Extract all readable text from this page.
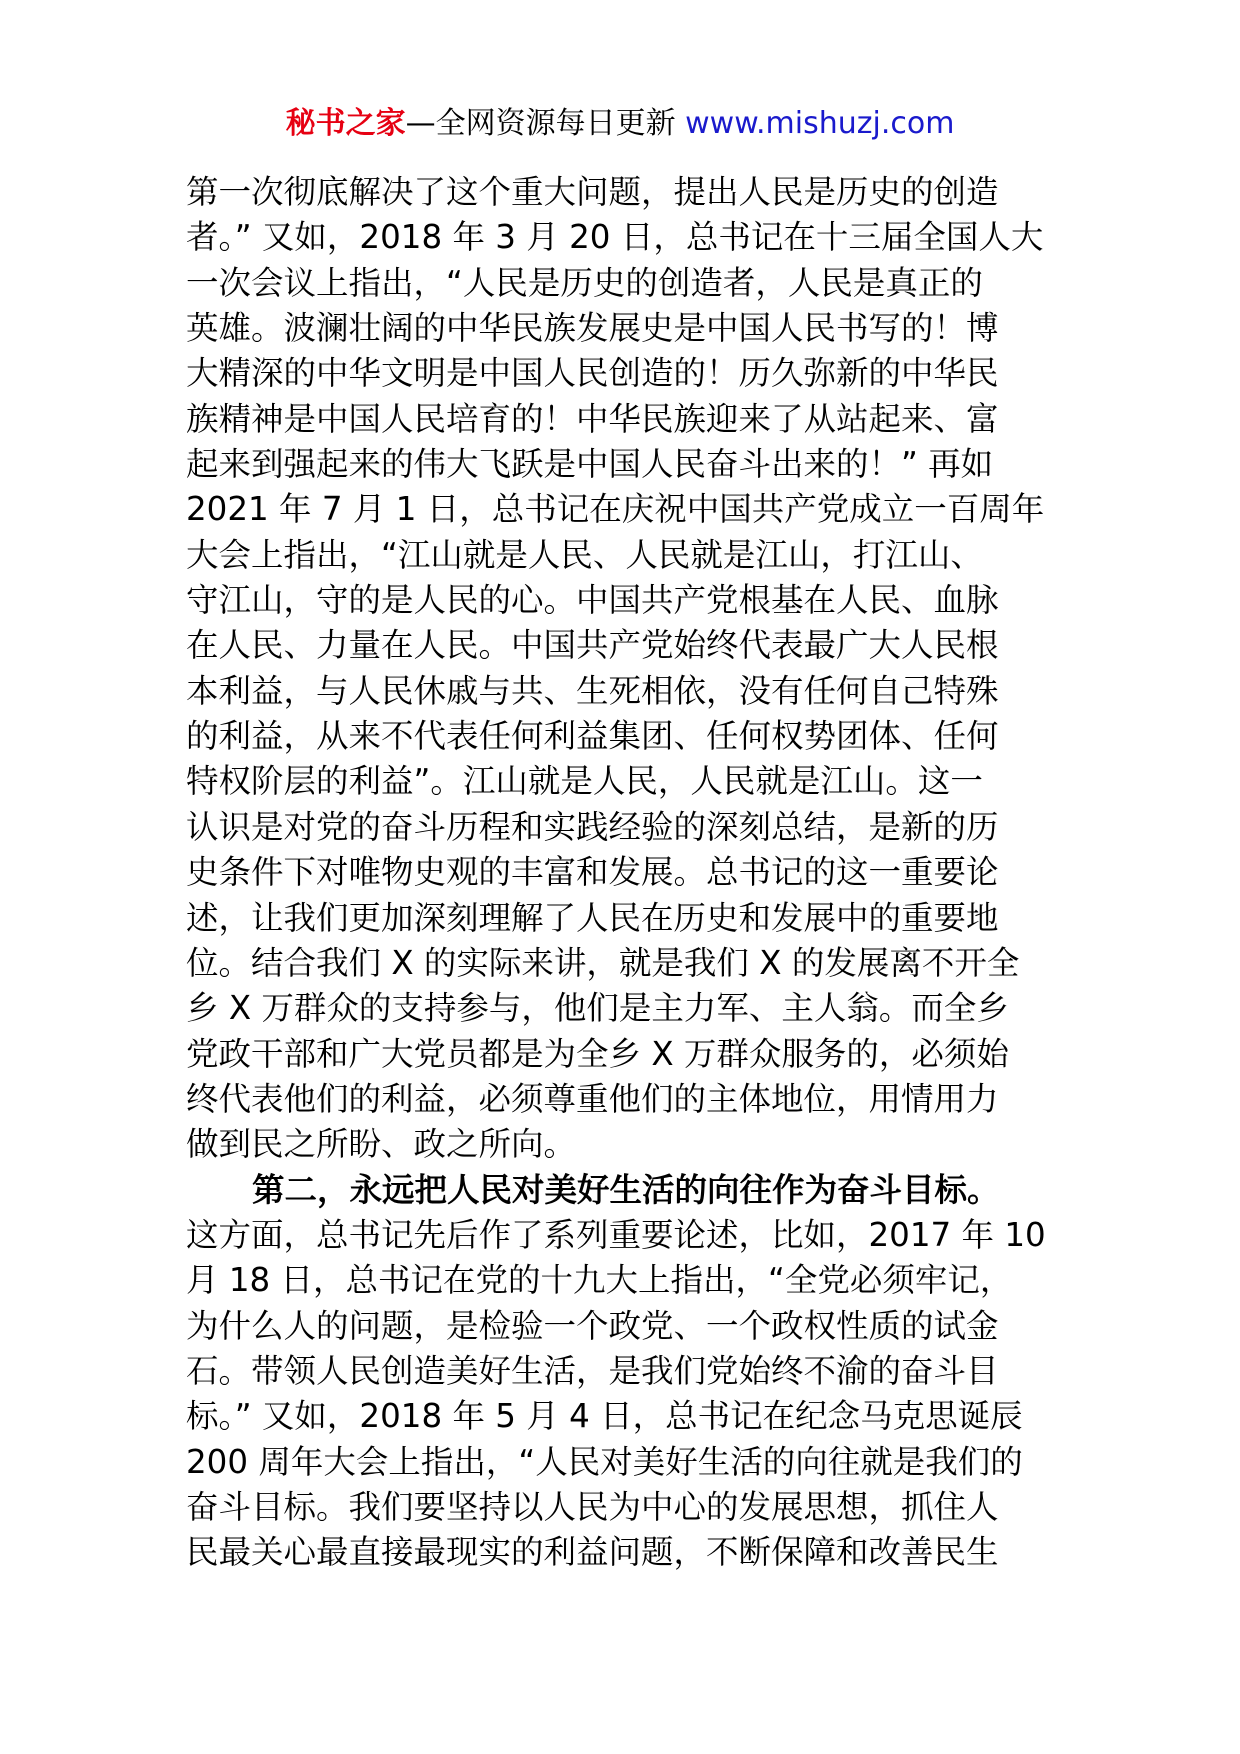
秘书之家—全网资源每日更新 www.mishuzj.com
第一次彻底解决了这个重大问题，提出人民是历史的创造
者。” 又如，2018 年 3 月 20 日，总书记在十三届全国人大
一次会议上指出，“人民是历史的创造者，人民是真正的
英雄。波澜壮阔的中华民族发展史是中国人民书写的！博
大精深的中华文明是中国人民创造的！历久弥新的中华民
族精神是中国人民培育的！中华民族迎来了从站起来、富
起来到强起来的伟大飞跃是中国人民奋斗出来的！” 再如
2021 年 7 月 1 日，总书记在庆祝中国共产党成立一百周年
大会上指出，“江山就是人民、人民就是江山，打江山、
守江山，守的是人民的心。中国共产党根基在人民、血脉
在人民、力量在人民。中国共产党始终代表最广大人民根
本利益，与人民休戚与共、生死相依，没有任何自己特殊
的利益，从来不代表任何利益集团、任何权势团体、任何
特权阶层的利益”。江山就是人民，人民就是江山。这一
认识是对党的奋斗历程和实践经验的深刻总结，是新的历
史条件下对唯物史观的丰富和发展。总书记的这一重要论
述，让我们更加深刻理解了人民在历史和发展中的重要地
位。结合我们 X 的实际来讲，就是我们 X 的发展离不开全
乡 X 万群众的支持参与，他们是主力军、主人翁。而全乡
党政干部和广大党员都是为全乡 X 万群众服务的，必须始
终代表他们的利益，必须尊重他们的主体地位，用情用力
做到民之所盼、政之所向。
第二，永远把人民对美好生活的向往作为奋斗目标。
这方面，总书记先后作了系列重要论述，比如，2017 年 10
月 18 日，总书记在党的十九大上指出，“全党必须牢记，
为什么人的问题，是检验一个政党、一个政权性质的试金
石。带领人民创造美好生活，是我们党始终不渝的奋斗目
标。” 又如，2018 年 5 月 4 日，总书记在纪念马克思诞辰
200 周年大会上指出，“人民对美好生活的向往就是我们的
奋斗目标。我们要坚持以人民为中心的发展思想，抓住人
民最关心最直接最现实的利益问题，不断保障和改善民生
